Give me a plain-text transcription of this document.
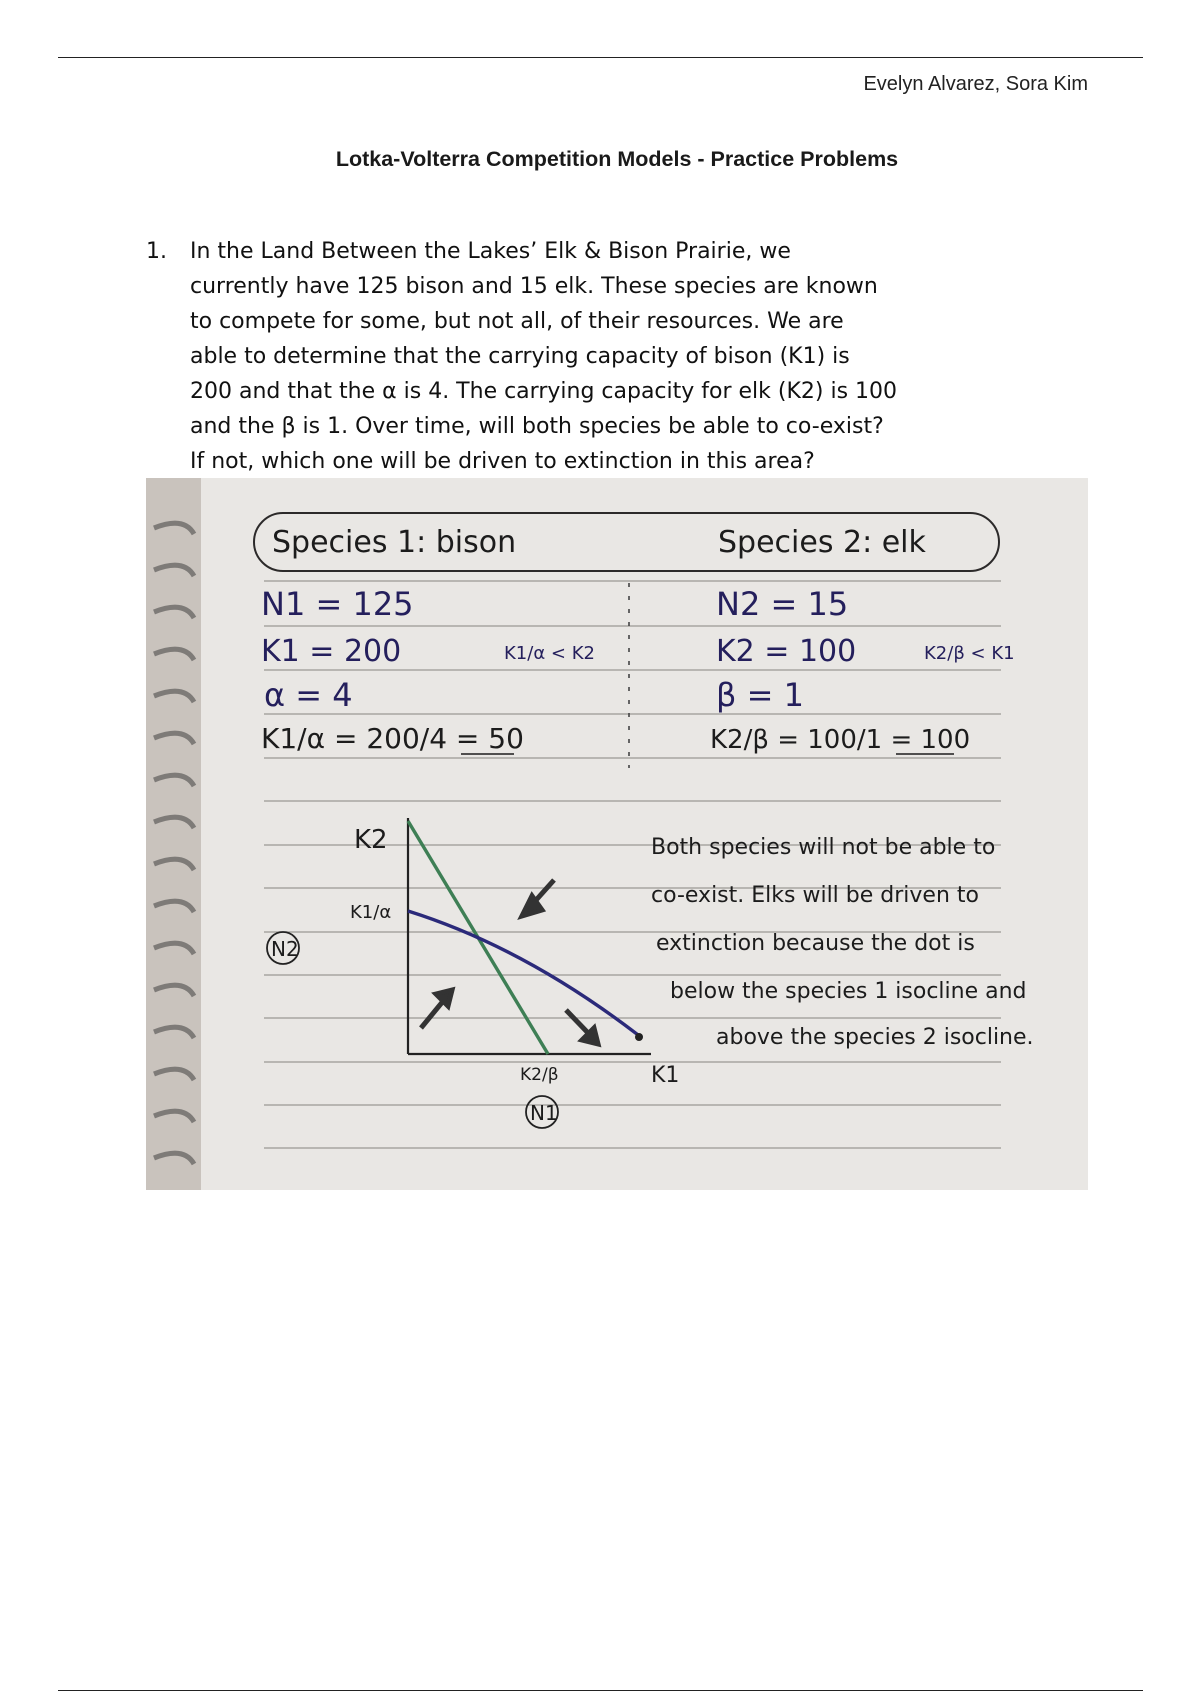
Evelyn Alvarez, Sora Kim
Lotka-Volterra Competition Models - Practice Problems
1. In the Land Between the Lakes’ Elk & Bison Prairie, we
currently have 125 bison and 15 elk. These species are known
to compete for some, but not all, of their resources. We are
able to determine that the carrying capacity of bison (K1) is
200 and that the α is 4. The carrying capacity for elk (K2) is 100
and the β is 1. Over time, will both species be able to co-exist?
If not, which one will be driven to extinction in this area?
Species 1: bison	Species 2: elk
N1 = 125
K1 = 200
α = 4
K1/α = 200/4 = 50
K1/α < K2
N2 = 15
K2 = 100
β = 1
K2/β = 100/1 = 100
K2/β < K1
K2
K1/α
N2
K2/β	K1
N1
Both species will not be able to
co-exist. Elks will be driven to
extinction because the dot is
below the species 1 isocline and
above the species 2 isocline.
